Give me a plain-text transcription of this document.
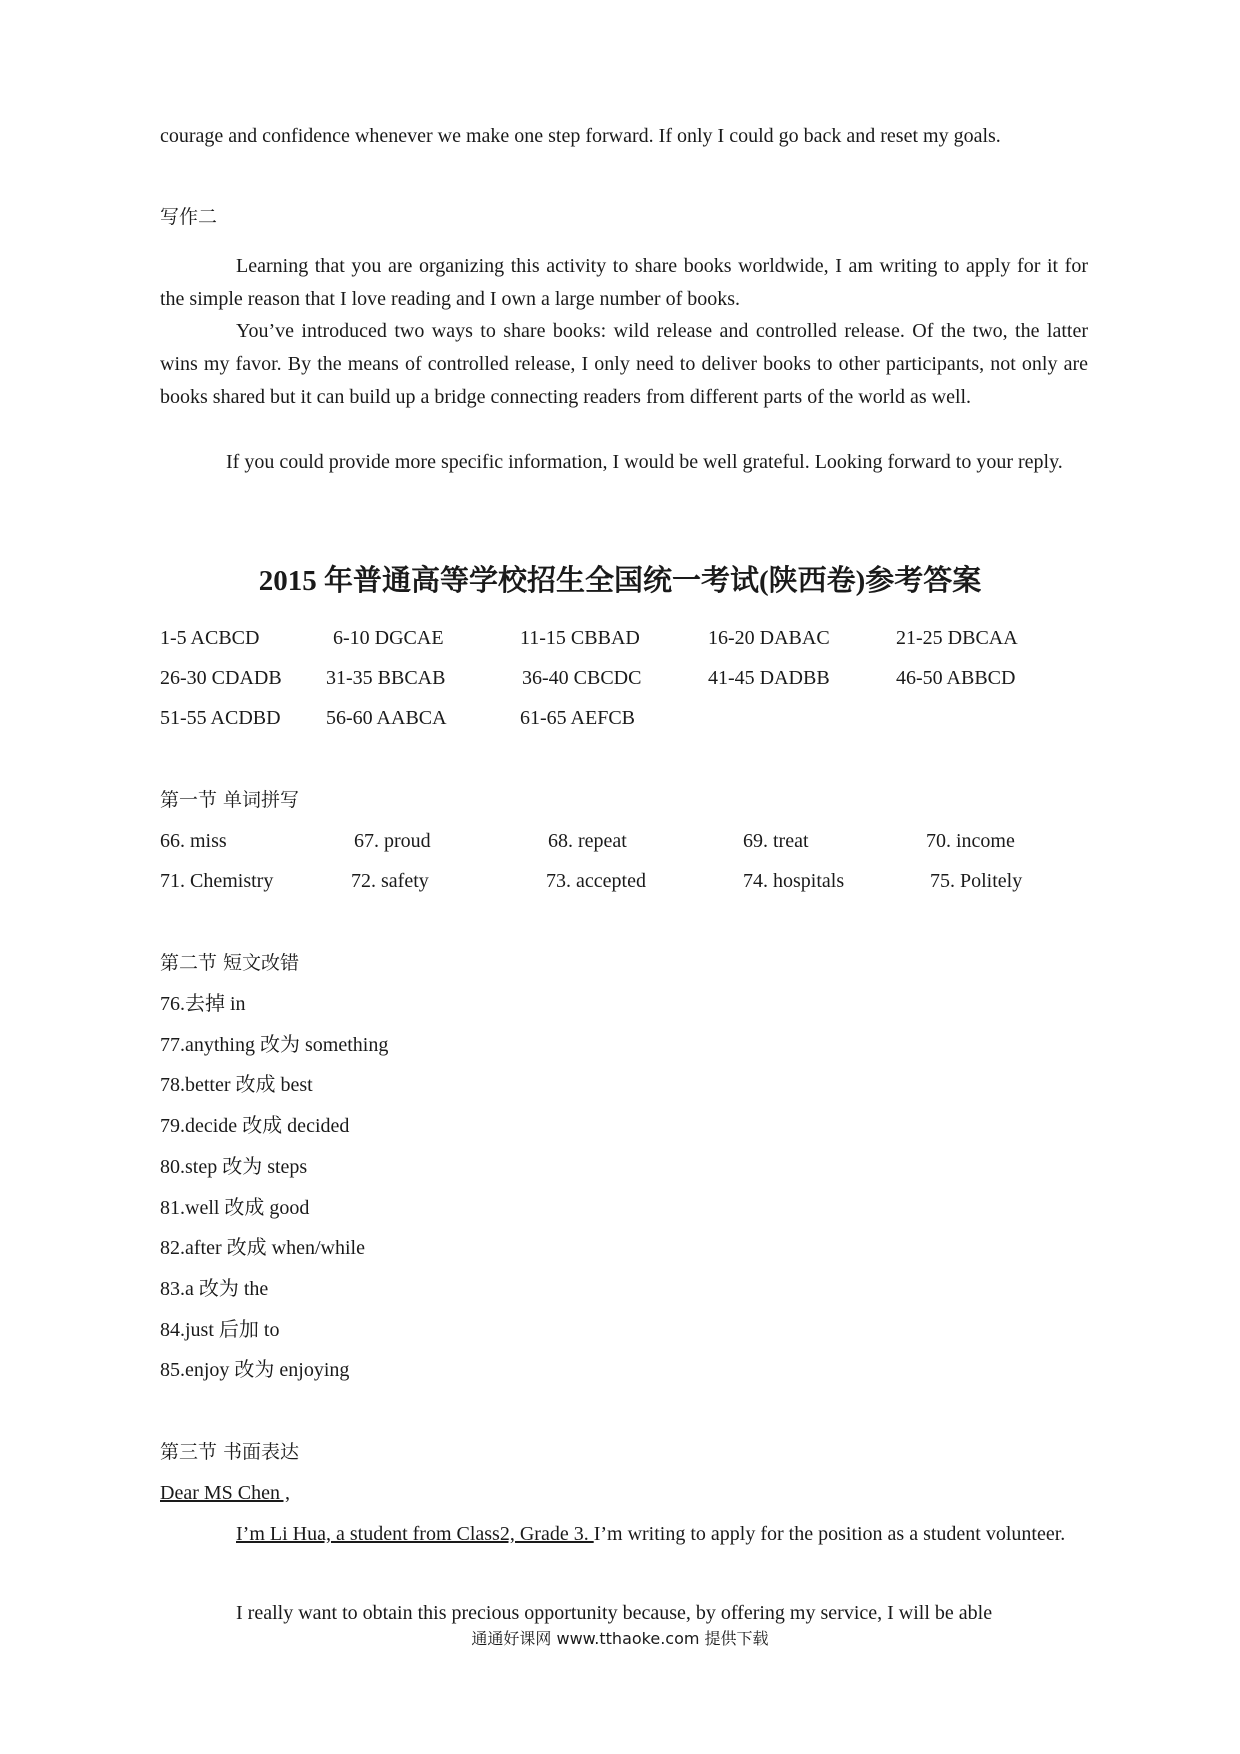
courage and confidence whenever we make one step forward. If only I could go back and reset my goals.
写作二
Learning that you are organizing this activity to share books worldwide, I am writing to apply for it for the simple reason that I love reading and I own a large number of books.
You’ve introduced two ways to share books: wild release and controlled release. Of the two, the latter wins my favor. By the means of controlled release, I only need to deliver books to other participants, not only are books shared but it can build up a bridge connecting readers from different parts of the world as well.
If you could provide more specific information, I would be well grateful. Looking forward to your reply.
2015 年普通高等学校招生全国统一考试(陕西卷)参考答案
1-5 ACBCD	6-10 DGCAE	11-15 CBBAD	16-20 DABAC	21-25 DBCAA
26-30 CDADB 31-35 BBCAB	36-40 CBCDC	41-45 DADBB	46-50 ABBCD
51-55 ACDBD 56-60 AABCA	61-65 AEFCB
第一节 单词拼写
66. miss	67. proud	68. repeat	69. treat	70. income
71. Chemistry	72. safety	73. accepted	74. hospitals	75. Politely
第二节 短文改错
76.去掉 in
77.anything 改为 something
78.better 改成 best
79.decide 改成 decided
80.step 改为 steps
81.well 改成 good
82.after 改成 when/while
83.a 改为 the
84.just 后加 to
85.enjoy 改为 enjoying
第三节 书面表达
Dear MS Chen ,
I’m Li Hua, a student from Class2, Grade 3. I’m writing to apply for the position as a student volunteer.
I really want to obtain this precious opportunity because, by offering my service, I will be able
通通好课网 www.tthaoke.com 提供下载
